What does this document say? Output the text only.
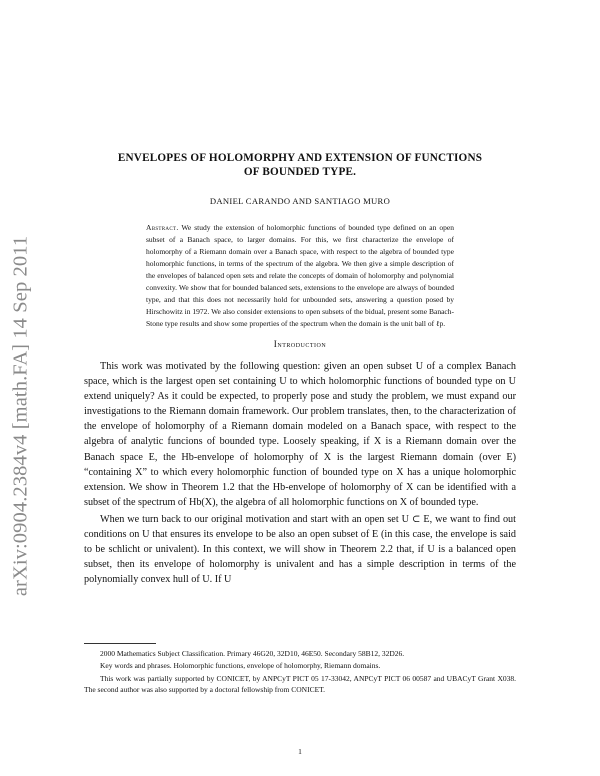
arXiv:0904.2384v4 [math.FA] 14 Sep 2011
ENVELOPES OF HOLOMORPHY AND EXTENSION OF FUNCTIONS
OF BOUNDED TYPE.
DANIEL CARANDO AND SANTIAGO MURO
Abstract. We study the extension of holomorphic functions of bounded type defined on an open subset of a Banach space, to larger domains. For this, we first characterize the envelope of holomorphy of a Riemann domain over a Banach space, with respect to the algebra of bounded type holomorphic functions, in terms of the spectrum of the algebra. We then give a simple description of the envelopes of balanced open sets and relate the concepts of domain of holomorphy and polynomial convexity. We show that for bounded balanced sets, extensions to the envelope are always of bounded type, and that this does not necessarily hold for unbounded sets, answering a question posed by Hirschowitz in 1972. We also consider extensions to open subsets of the bidual, present some Banach-Stone type results and show some properties of the spectrum when the domain is the unit ball of ℓp.
Introduction

This work was motivated by the following question: given an open subset U of a complex Banach space, which is the largest open set containing U to which holomorphic functions of bounded type on U extend uniquely? As it could be expected, to properly pose and study the problem, we must expand our investigations to the Riemann domain framework. Our problem translates, then, to the characterization of the envelope of holomorphy of a Riemann domain modeled on a Banach space, with respect to the algebra of analytic funcions of bounded type. Loosely speaking, if X is a Riemann domain over the Banach space E, the Hb-envelope of holomorphy of X is the largest Riemann domain (over E) “containing X” to which every holomorphic function of bounded type on X has a unique holomorphic extension. We show in Theorem 1.2 that the Hb-envelope of holomorphy of X can be identified with a subset of the spectrum of Hb(X), the algebra of all holomorphic functions on X of bounded type.

When we turn back to our original motivation and start with an open set U ⊂ E, we want to find out conditions on U that ensures its envelope to be also an open subset of E (in this case, the envelope is said to be schlicht or univalent). In this context, we will show in Theorem 2.2 that, if U is a balanced open subset, then its envelope of holomorphy is univalent and has a simple description in terms of the polynomially convex hull of U. If U

2000 Mathematics Subject Classification. Primary 46G20, 32D10, 46E50. Secondary 58B12, 32D26.

Key words and phrases. Holomorphic functions, envelope of holomorphy, Riemann domains.

This work was partially supported by CONICET, by ANPCyT PICT 05 17-33042, ANPCyT PICT 06 00587 and UBACyT Grant X038. The second author was also supported by a doctoral fellowship from CONICET.

1
